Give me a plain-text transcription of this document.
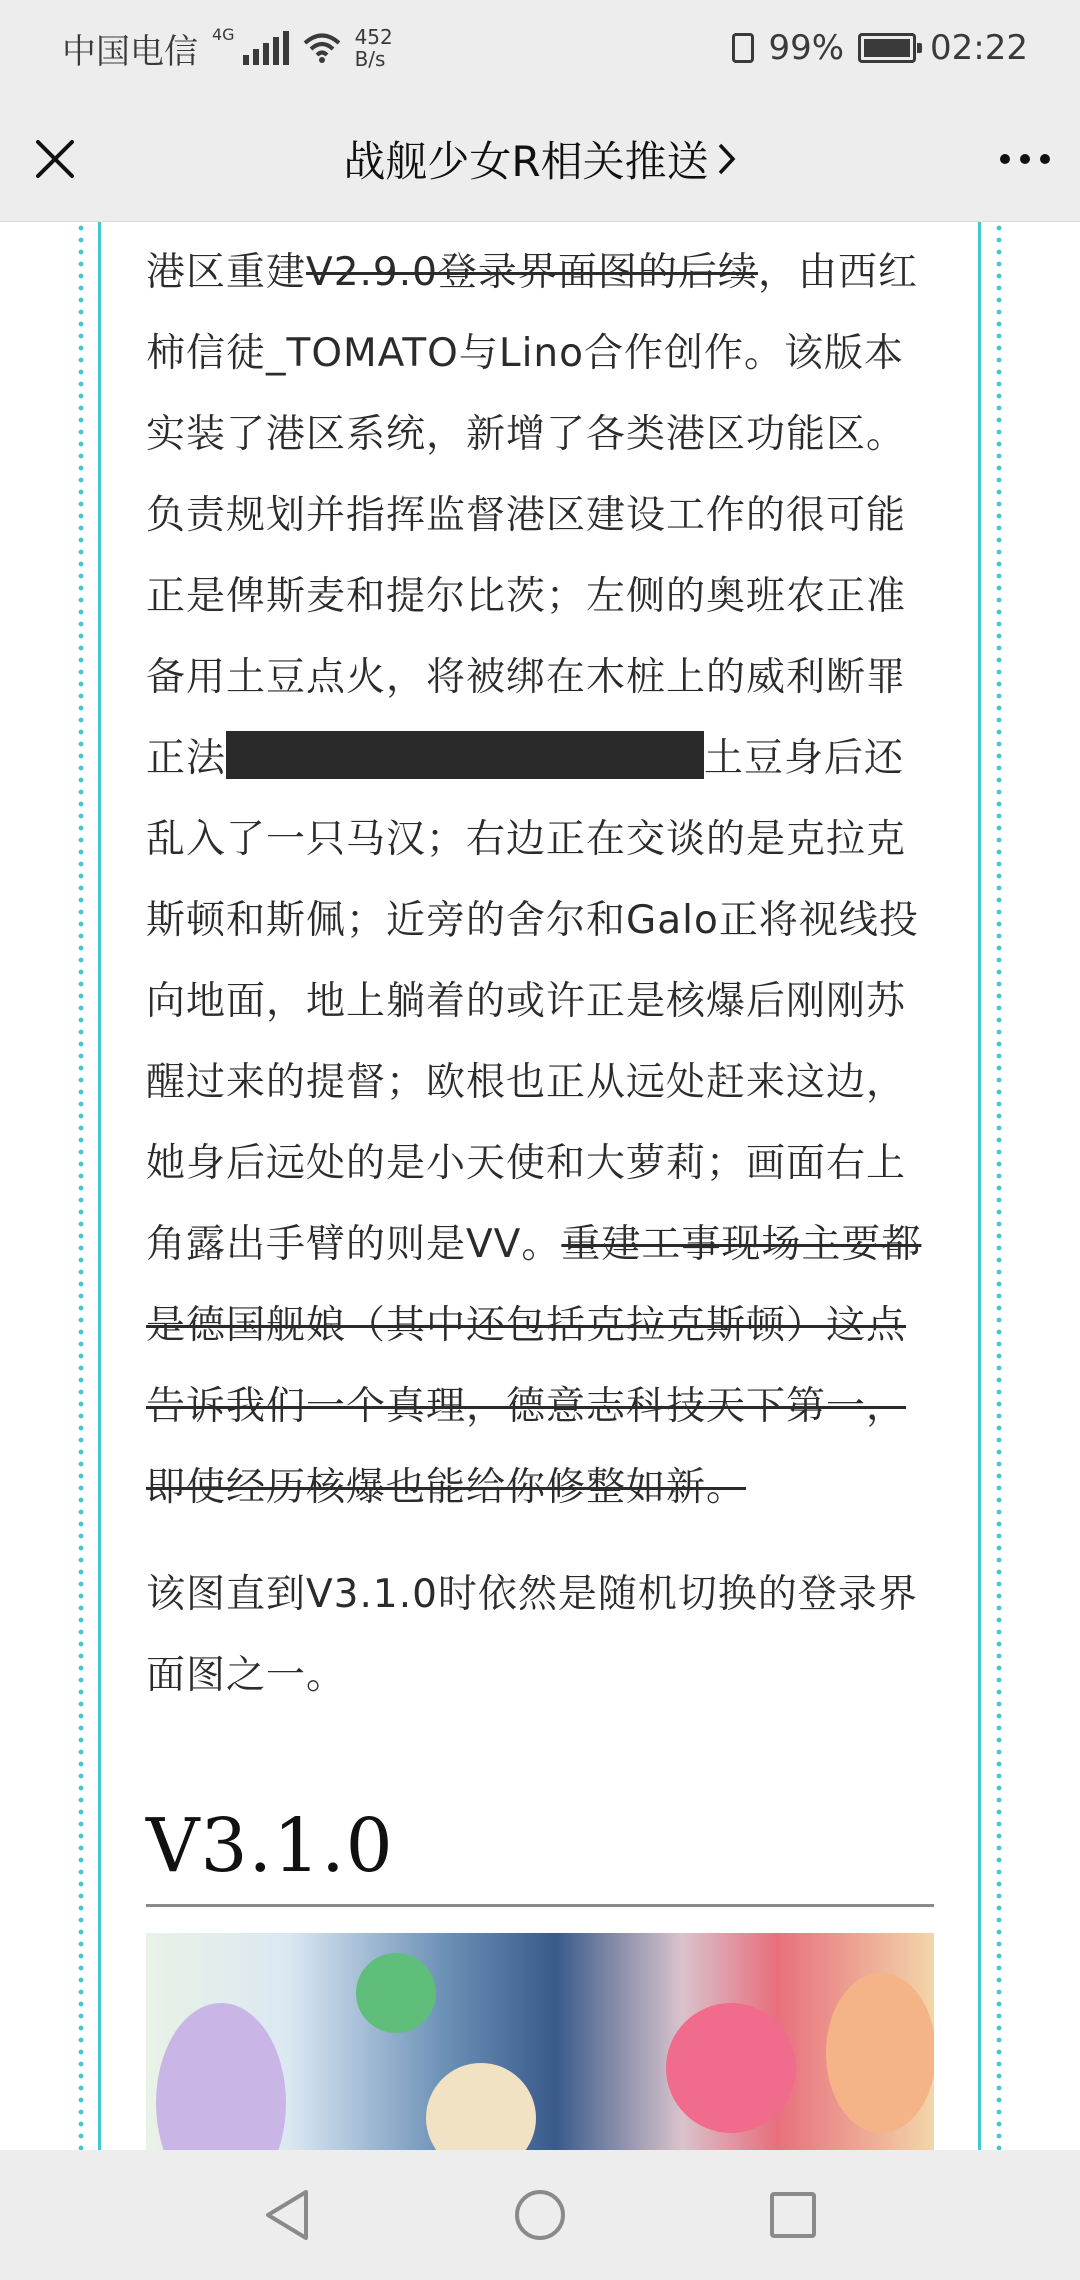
中国电信 4G	452
B/s	99%	02:22
战舰少女R相关推送

港区重建V2.9.0登录界面图的后续，由西红柿信徒_TOMATO与Lino合作创作。该版本实装了港区系统，新增了各类港区功能区。负责规划并指挥监督港区建设工作的很可能正是俾斯麦和提尔比茨；左侧的奥班农正准备用土豆点火，将被绑在木桩上的威利断罪正法	土豆身后还乱入了一只马汉；右边正在交谈的是克拉克斯顿和斯佩；近旁的舍尔和Galo正将视线投向地面，地上躺着的或许正是核爆后刚刚苏醒过来的提督；欧根也正从远处赶来这边，她身后远处的是小天使和大萝莉；画面右上角露出手臂的则是VV。重建工事现场主要都是德国舰娘（其中还包括克拉克斯顿）这点告诉我们一个真理，德意志科技天下第一，即使经历核爆也能给你修整如新。

该图直到V3.1.0时依然是随机切换的登录界面图之一。

V3.1.0
